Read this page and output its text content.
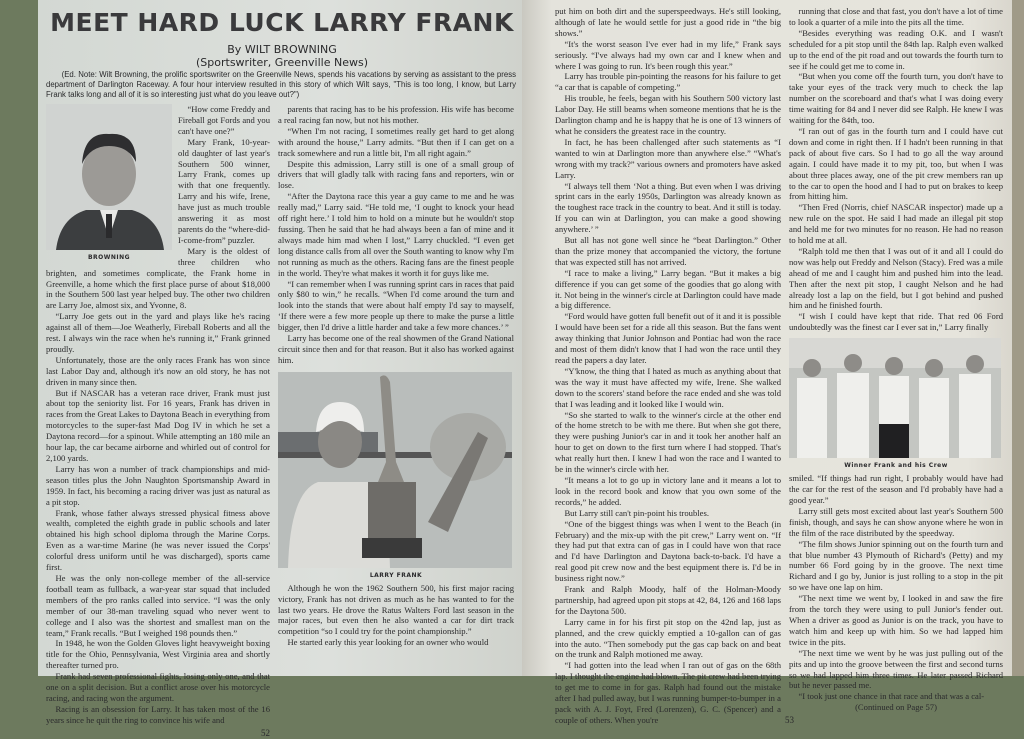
MEET HARD LUCK LARRY FRANK
By WILT BROWNING
(Sportswriter, Greenville News)
(Ed. Note: Wilt Browning, the prolific sportswriter on the Greenville News, spends his vacations by serving as assistant to the press department of Darlington Raceway. A four hour interview resulted in this story of which Wilt says, "This is too long, I know, but Larry Frank talks long and all of it is so interesting just what do you leave out?")
BROWNING

“How come Freddy and Fireball got Fords and you can't have one?”

Mary Frank, 10-year-old daughter of last year's Southern 500 winner, Larry Frank, comes up with that one frequently. Larry and his wife, Irene, have just as much trouble answering it as most parents do the “where-did-I-come-from” puzzler.

Mary is the oldest of three children who brighten, and sometimes complicate, the Frank home in Greenville, a home which the first place purse of about $18,000 in the Southern 500 last year helped buy. The other two children are Larry Joe, almost six, and Yvonne, 8.

“Larry Joe gets out in the yard and plays like he's racing against all of them—Joe Weatherly, Fireball Roberts and all the rest. I always win the race when he's running it,” Frank grinned proudly.

Unfortunately, those are the only races Frank has won since last Labor Day and, although it's now an old story, he has not driven in many since then.

But if NASCAR has a veteran race driver, Frank must just about top the seniority list. For 16 years, Frank has driven in races from the Great Lakes to Daytona Beach in everything from motorcycles to the super-fast Mad Dog IV in which he set a Daytona record—for a spinout. While attempting an 180 mile an hour lap, the car became airborne and whirled out of control for 2,100 yards.

Larry has won a number of track championships and mid-season titles plus the John Naughton Sportsmanship Award in 1959. In fact, his becoming a racing driver was just as natural as a pit stop.

Frank, whose father always stressed physical fitness above wealth, completed the eighth grade in public schools and later obtained his high school diploma through the Marine Corps. Even as a war-time Marine (he was never issued the Corps' colorful dress uniform until he was discharged), sports came first.

He was the only non-college member of the all-service football team as fullback, a war-year star squad that included members of the pro ranks called into service. “I was the only member of our 38-man traveling squad who never went to college and I also was the shortest and smallest man on the team,” Frank recalls. “But I weighed 198 pounds then.”

In 1948, he won the Golden Gloves light heavyweight boxing title for the Ohio, Pennsylvania, West Virginia area and shortly thereafter turned pro.

Frank had seven professional fights, losing only one, and that one on a split decision. But a conflict arose over his motorcycle racing, and racing won the argument.

Racing is an obsession for Larry. It has taken most of the 16 years since he quit the ring to convince his wife and

52

parents that racing has to be his profession. His wife has become a real racing fan now, but not his mother.

“When I'm not racing, I sometimes really get hard to get along with around the house,” Larry admits. “But then if I can get on a track somewhere and run a little bit, I'm all right again.”

Despite this admission, Larry still is one of a small group of drivers that will gladly talk with racing fans and reporters, win or lose.

“After the Daytona race this year a guy came to me and he was really mad,” Larry said. “He told me, ‘I ought to knock your head off right here.’ I told him to hold on a minute but he wouldn't stop fussing. Then he said that he had always been a fan of mine and it always made him mad when I lost,” Larry chuckled. “I even get long distance calls from all over the South wanting to know why I'm not running as much as the others. Racing fans are the finest people in the world. They're what makes it worth it for guys like me.

“I can remember when I was running sprint cars in races that paid only $80 to win,” he recalls. “When I'd come around the turn and look into the stands that were about half empty I'd say to mayself, ‘If there were a few more people up there to make the purse a little bigger, then I'd drive a little harder and take a few more chances.’ ”

Larry has become one of the real showmen of the Grand National circuit since then and for that reason. But it also has worked against him.

LARRY FRANK

Although he won the 1962 Southern 500, his first major racing victory, Frank has not driven as much as he has wanted to for the last two years. He drove the Ratus Walters Ford last season in the major races, but even then he also wanted a car for dirt track competition “so I could try for the point championship.”

He started early this year looking for an owner who would

put him on both dirt and the superspeedways. He's still looking, although of late he would settle for just a good ride in “the big shows.”

“It's the worst season I've ever had in my life,” Frank says seriously. “I've always had my own car and I knew when and where I was going to run. It's been rough this year.”

Larry has trouble pin-pointing the reasons for his failure to get “a car that is capable of competing.”

His trouble, he feels, began with his Southern 500 victory last Labor Day. He still beams when someone mentions that he is the Darlington champ and he is happy that he is one of 13 winners of what he considers the greatest race in the country.

In fact, he has been challenged after such statements as “I wanted to win at Darlington more than anywhere else.” “What's wrong with my track?” various owners and promoters have asked Larry.

“I always tell them ‘Not a thing. But even when I was driving sprint cars in the early 1950s, Darlington was already known as the toughest race track in the country to beat. And it still is today. If you can win at Darlington, you can make a good showing anywhere.’ ”

But all has not gone well since he “beat Darlington.” Other than the prize money that accompanied the victory, the fortune that was expected still has not arrived.

“I race to make a living,” Larry began. “But it makes a big difference if you can get some of the goodies that go along with it. Not being in the winner's circle at Darlington could have made a big difference.

“Ford would have gotten full benefit out of it and it is possible I would have been set for a ride all this season. But the fans went away thinking that Junior Johnson and Pontiac had won the race and most of them didn't know that I had won the race until they read the papers a day later.

“Y'know, the thing that I hated as much as anything about that was the way it must have affected my wife, Irene. She walked down to the scorers' stand before the race ended and she was told that I was leading and it looked like I would win.

“So she started to walk to the winner's circle at the other end of the home stretch to be with me there. But when she got there, they were pushing Junior's car in and it took her another half an hour to get on down to the first turn where I had stopped. That's what really hurt then. I knew I had won the race and I wanted to be in the winner's circle with her.

“It means a lot to go up in victory lane and it means a lot to look in the record book and know that you own some of the records,” he added.

But Larry still can't pin-point his troubles.

“One of the biggest things was when I went to the Beach (in February) and the mix-up with the pit crew,” Larry went on. “If they had put that extra can of gas in I could have won that race and I'd have Darlington and Daytona back-to-back. I'd have a real good pit crew now and the best equipment there is. I'd be in business right now.”

Frank and Ralph Moody, half of the Holman-Moody partnership, had agreed upon pit stops at 42, 84, 126 and 168 laps for the Daytona 500.

Larry came in for his first pit stop on the 42nd lap, just as planned, and the crew quickly emptied a 10-gallon can of gas into the auto. “Then somebody put the gas cap back on and beat on the trunk and Ralph motioned me away.

“I had gotten into the lead when I ran out of gas on the 68th lap. I thought the engine had blown. The pit crew had been trying to get me to come in for gas. Ralph had found out the mistake after I had pulled away, but I was running bumper-to-bumper in a pack with A. J. Foyt, Fred (Lorenzen), G. C. (Spencer) and a couple of others. When you're

running that close and that fast, you don't have a lot of time to look a quarter of a mile into the pits all the time.

“Besides everything was reading O.K. and I wasn't scheduled for a pit stop until the 84th lap. Ralph even walked up to the end of the pit road and out towards the fourth turn to see if he could get me to come in.

“But when you come off the fourth turn, you don't have to take your eyes of the track very much to check the lap number on the scoreboard and that's what I was doing every time waiting for 84 and I never did see Ralph. He knew I was waiting for the 84th, too.

“I ran out of gas in the fourth turn and I could have cut down and come in right then. If I hadn't been running in that pack of about five cars. So I had to go all the way around again. I could have made it to my pit, too, but when I was about three places away, one of the pit crew members ran up to the car to open the hood and I had to put on brakes to keep from hitting him.

“Then Fred (Norris, chief NASCAR inspector) made up a new rule on the spot. He said I had made an illegal pit stop and held me for two minutes for no reason. He had no reason to hold me at all.

“Ralph told me then that I was out of it and all I could do now was help out Freddy and Nelson (Stacy). Fred was a mile ahead of me and I caught him and pushed him into the lead. Then after the next pit stop, I caught Nelson and he had already lost a lap on the field, but I got behind and pushed him and he finished fourth.

“I wish I could have kept that ride. That red 06 Ford undoubtedly was the finest car I ever sat in,” Larry finally

Winner Frank and his Crew

smiled. “If things had run right, I probably would have had the car for the rest of the season and I'd probably have had a good year.”

Larry still gets most excited about last year's Southern 500 finish, though, and says he can show anyone where he won in the film of the race distributed by the speedway.

“The film shows Junior spinning out on the fourth turn and that blue number 43 Plymouth of Richard's (Petty) and my number 66 Ford going by in the groove. The next time Richard and I go by, Junior is just rolling to a stop in the pit so we have one lap on him.

“The next time we went by, I looked in and saw the fire from the torch they were using to pull Junior's fender out. When a driver as good as Junior is on the track, you have to watch him and keep up with him. So we had lapped him twice in the pits.

“The next time we went by he was just pulling out of the pits and up into the groove between the first and second turns so we had lapped him three times. He later passed Richard but he never passed me.

“I took just one chance in that race and that was a cal-

(Continued on Page 57)

53
